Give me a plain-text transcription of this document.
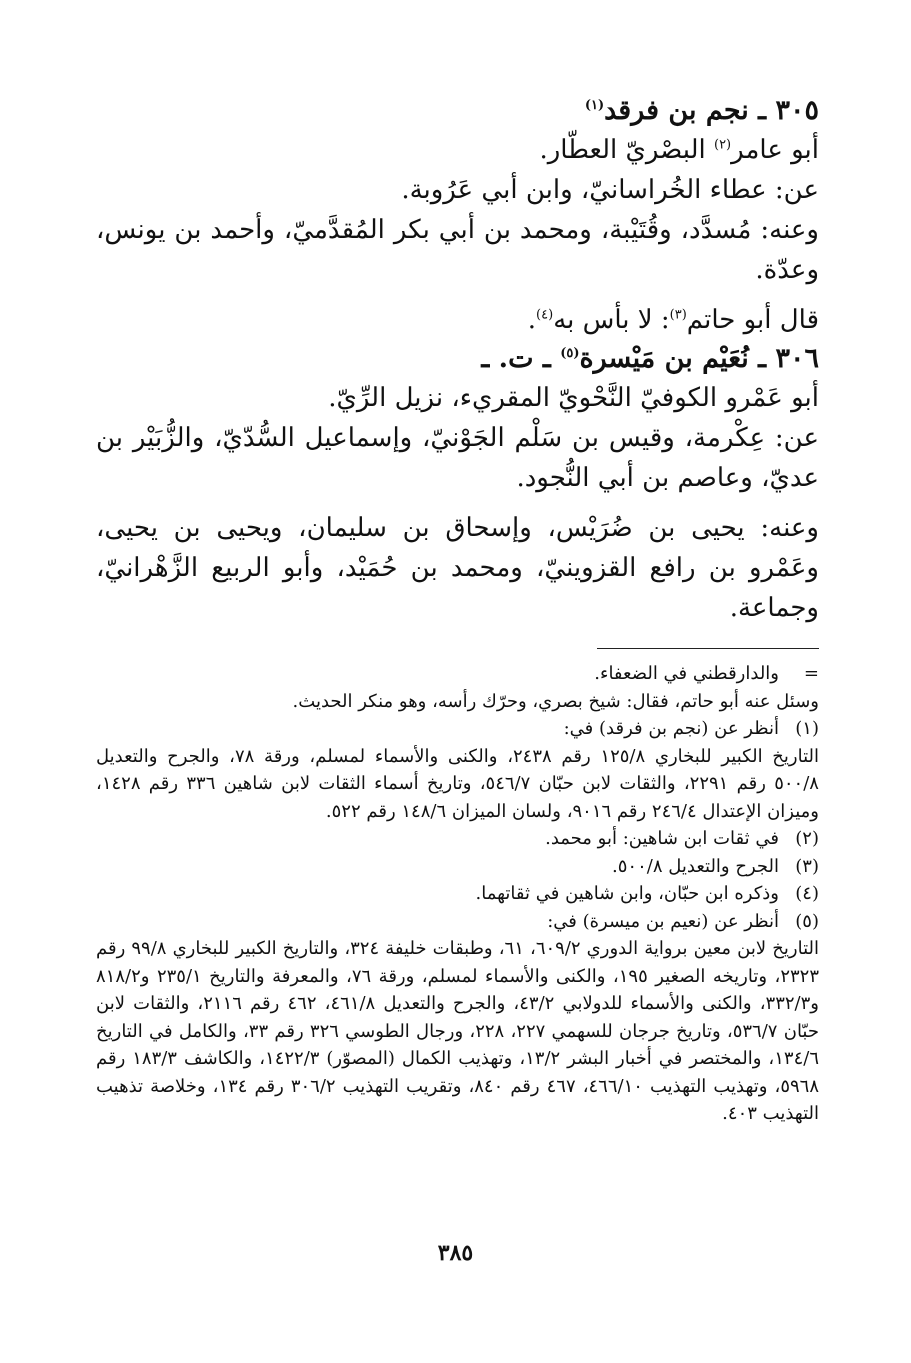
٣٠٥ ـ نجم بن فرقد$^{(١)}$

أبو عامر$^{(٢)}$ البصْريّ العطّار.

عن: عطاء الخُراسانيّ، وابن أبي عَرُوبة.

وعنه: مُسدَّد، وقُتَيْبة، ومحمد بن أبي بكر المُقدَّميّ، وأحمد بن يونس، وعدّة.

قال أبو حاتم$^{(٣)}$: لا بأس به$^{(٤)}$.

٣٠٦ ـ نُعَيْم بن مَيْسرة$^{(٥)}$ ـ ت. ـ

أبو عَمْرو الكوفيّ النَّحْويّ المقريء، نزيل الرِّيّ.

عن: عِكْرمة، وقيس بن سَلْم الجَوْنيّ، وإسماعيل السُّدّيّ، والزُّبَيْر بن عديّ، وعاصم بن أبي النُّجود.

وعنه: يحيى بن ضُرَيْس، وإسحاق بن سليمان، ويحيى بن يحيى، وعَمْرو بن رافع القزوينيّ، ومحمد بن حُمَيْد، وأبو الربيع الزَّهْرانيّ، وجماعة.

=
والدارقطني في الضعفاء.
وسئل عنه أبو حاتم، فقال: شيخ بصري، وحرّك رأسه، وهو منكر الحديث.
(١)
أنظر عن (نجم بن فرقد) في:

التاريخ الكبير للبخاري ١٢٥/٨ رقم ٢٤٣٨، والكنى والأسماء لمسلم، ورقة ٧٨، والجرح والتعديل ٥٠٠/٨ رقم ٢٢٩١، والثقات لابن حبّان ٥٤٦/٧، وتاريخ أسماء الثقات لابن شاهين ٣٣٦ رقم ١٤٢٨، وميزان الإعتدال ٢٤٦/٤ رقم ٩٠١٦، ولسان الميزان ١٤٨/٦ رقم ٥٢٢.

(٢)
في ثقات ابن شاهين: أبو محمد.
(٣)
الجرح والتعديل ٥٠٠/٨.
(٤)
وذكره ابن حبّان، وابن شاهين في ثقاتهما.
(٥)
أنظر عن (نعيم بن ميسرة) في:

التاريخ لابن معين برواية الدوري ٦٠٩/٢، ٦١، وطبقات خليفة ٣٢٤، والتاريخ الكبير للبخاري ٩٩/٨ رقم ٢٣٢٣، وتاريخه الصغير ١٩٥، والكنى والأسماء لمسلم، ورقة ٧٦، والمعرفة والتاريخ ٢٣٥/١ و٨١٨/٢ و٣٣٢/٣، والكنى والأسماء للدولابي ٤٣/٢، والجرح والتعديل ٤٦١/٨، ٤٦٢ رقم ٢١١٦، والثقات لابن حبّان ٥٣٦/٧، وتاريخ جرجان للسهمي ٢٢٧، ٢٢٨، ورجال الطوسي ٣٢٦ رقم ٣٣، والكامل في التاريخ ١٣٤/٦، والمختصر في أخبار البشر ١٣/٢، وتهذيب الكمال (المصوّر) ١٤٢٢/٣، والكاشف ١٨٣/٣ رقم ٥٩٦٨، وتهذيب التهذيب ٤٦٦/١٠، ٤٦٧ رقم ٨٤٠، وتقريب التهذيب ٣٠٦/٢ رقم ١٣٤، وخلاصة تذهيب التهذيب ٤٠٣.

٣٨٥
